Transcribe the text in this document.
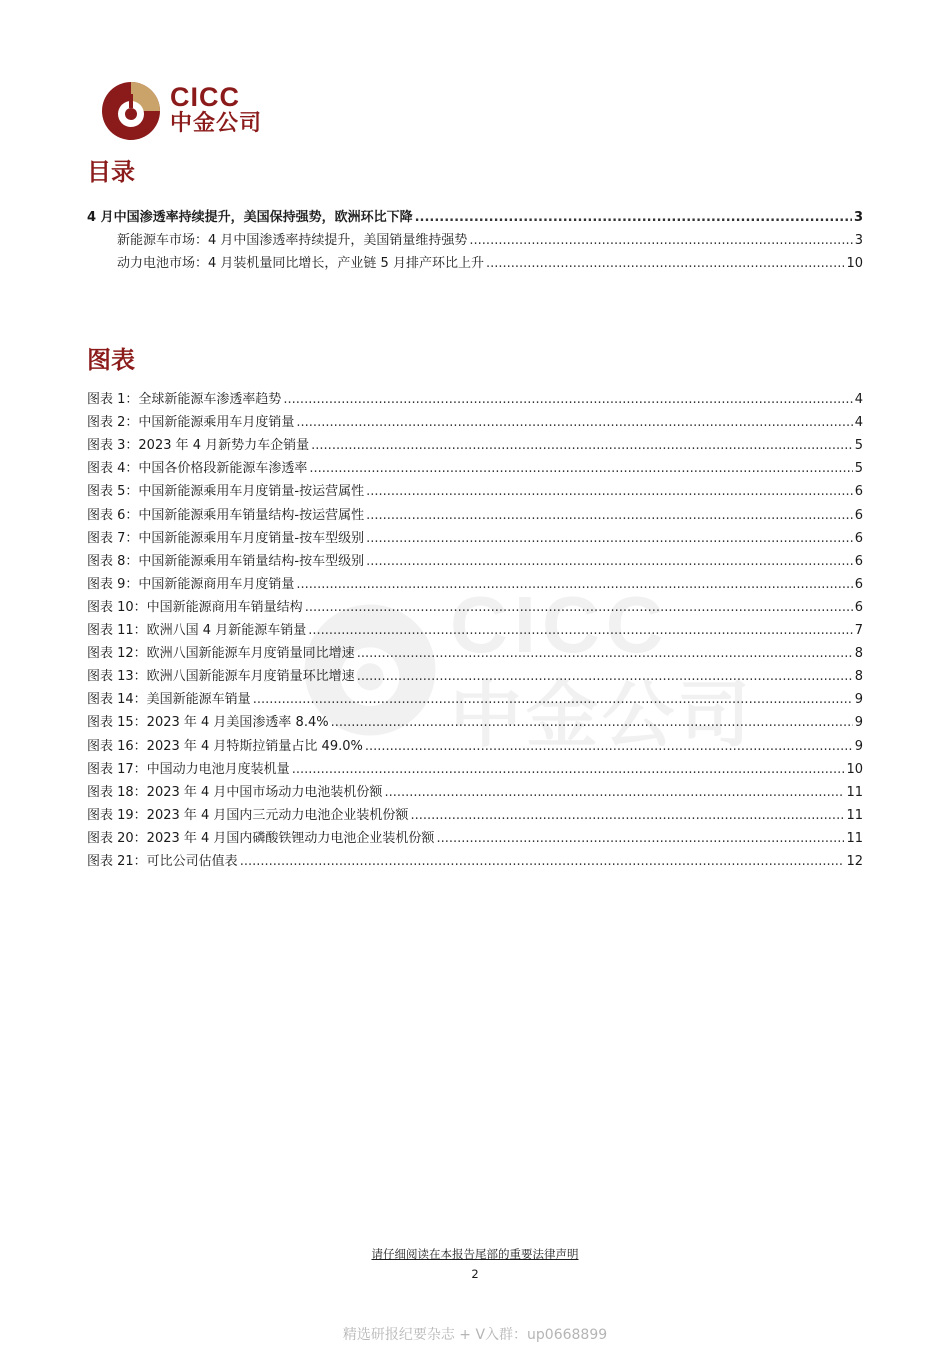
CICC
中金公司
CICC
中金公司
目录
4 月中国渗透率持续提升，美国保持强势，欧洲环比下降 .....	3
新能源车市场：4 月中国渗透率持续提升，美国销量维持强势 .....	3
动力电池市场：4 月装机量同比增长，产业链 5 月排产环比上升 .....	10
图表
图表 1：全球新能源车渗透率趋势 .....	4
图表 2：中国新能源乘用车月度销量 .....	4
图表 3：2023 年 4 月新势力车企销量 .....	5
图表 4：中国各价格段新能源车渗透率 .....	5
图表 5：中国新能源乘用车月度销量-按运营属性 .....	6
图表 6：中国新能源乘用车销量结构-按运营属性 .....	6
图表 7：中国新能源乘用车月度销量-按车型级别 .....	6
图表 8：中国新能源乘用车销量结构-按车型级别 .....	6
图表 9：中国新能源商用车月度销量 .....	6
图表 10：中国新能源商用车销量结构 .....	6
图表 11：欧洲八国 4 月新能源车销量 .....	7
图表 12：欧洲八国新能源车月度销量同比增速 .....	8
图表 13：欧洲八国新能源车月度销量环比增速 .....	8
图表 14：美国新能源车销量 .....	9
图表 15：2023 年 4 月美国渗透率 8.4% .....	9
图表 16：2023 年 4 月特斯拉销量占比 49.0% .....	9
图表 17：中国动力电池月度装机量 .....	10
图表 18：2023 年 4 月中国市场动力电池装机份额 .....	11
图表 19：2023 年 4 月国内三元动力电池企业装机份额 .....	11
图表 20：2023 年 4 月国内磷酸铁锂动力电池企业装机份额 .....	11
图表 21：可比公司估值表 .....	12
请仔细阅读在本报告尾部的重要法律声明
2
精选研报纪要杂志 + V入群：up0668899
